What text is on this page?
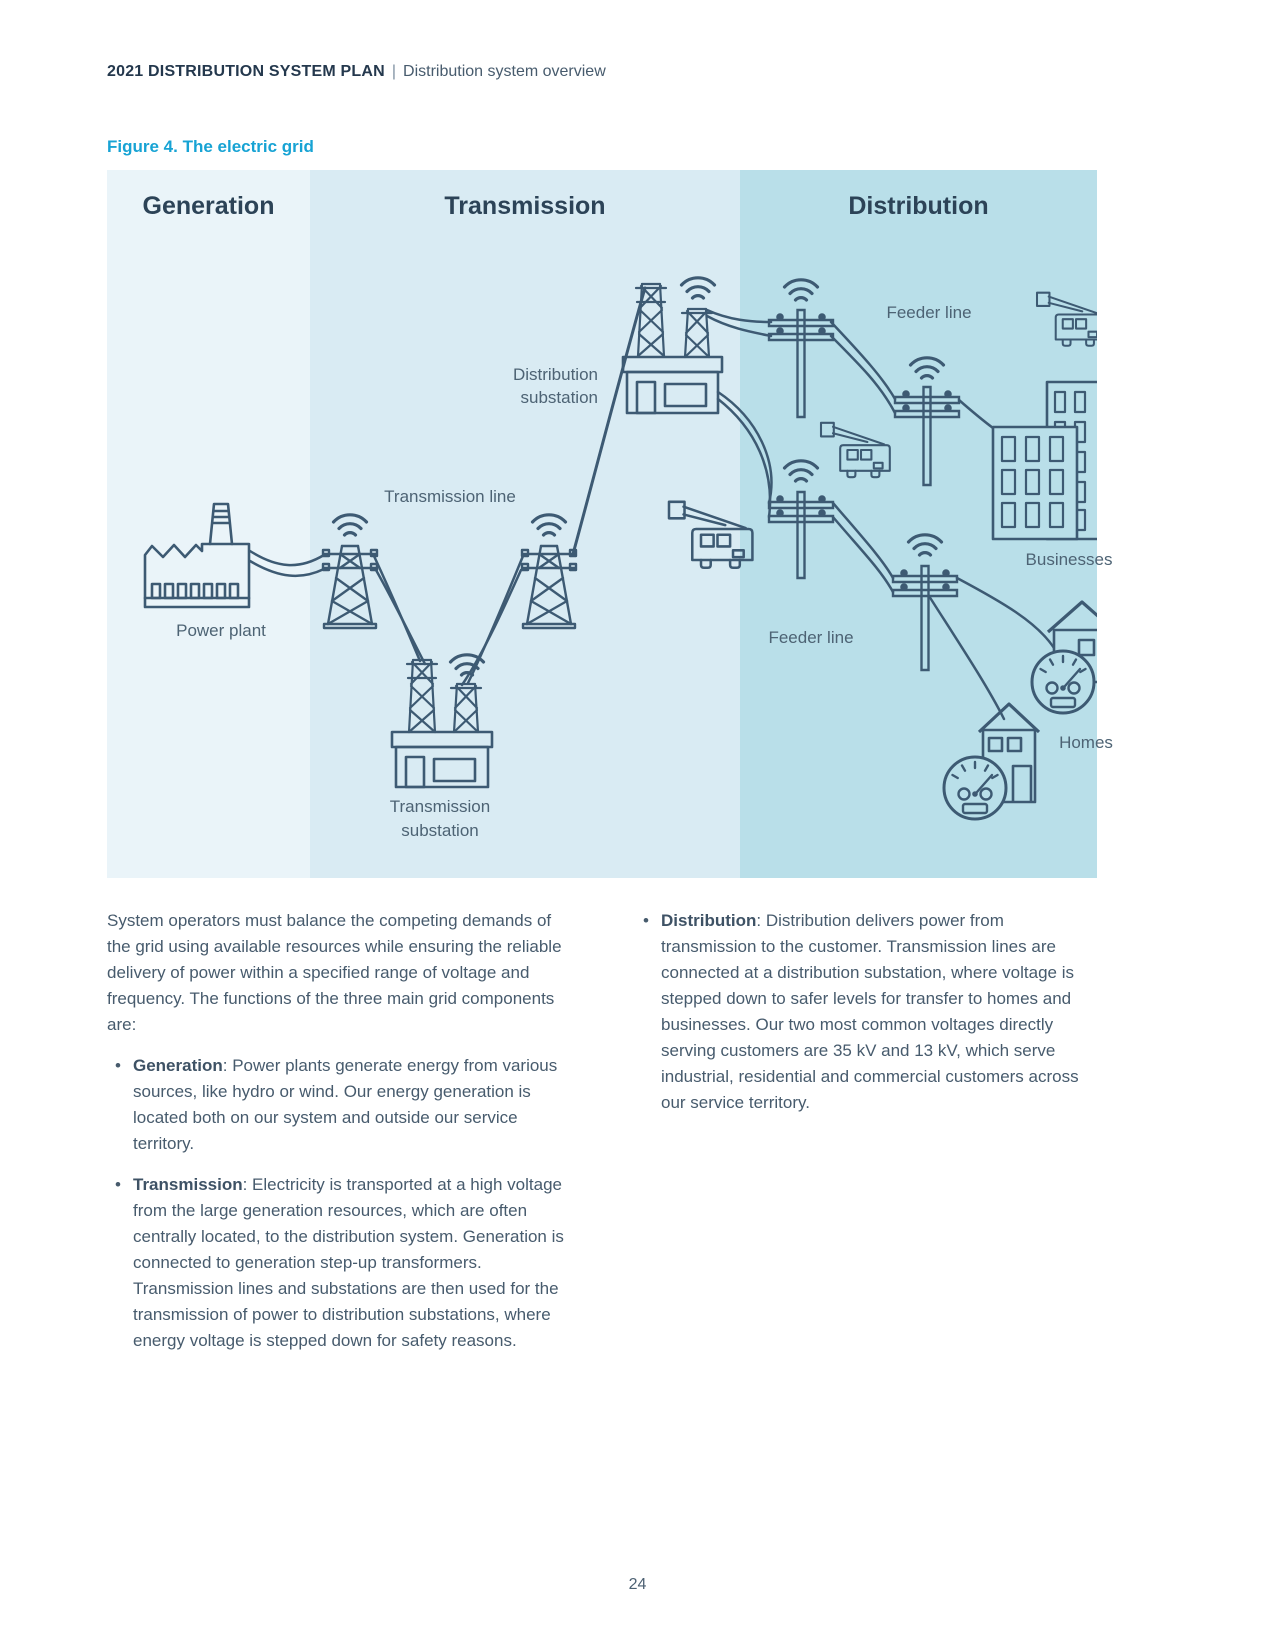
2021 DISTRIBUTION SYSTEM PLAN | Distribution system overview
Figure 4. The electric grid
Generation	Transmission	Distribution
Power plant
Transmission line
Distribution
substation
Transmission
substation
Feeder line
Feeder line
Businesses
Homes
System operators must balance the competing demands of the grid using available resources while ensuring the reliable delivery of power within a specified range of voltage and frequency. The functions of the three main grid components are:
• Generation: Power plants generate energy from various sources, like hydro or wind. Our energy generation is located both on our system and outside our service territory.
• Transmission: Electricity is transported at a high voltage from the large generation resources, which are often centrally located, to the distribution system. Generation is connected to generation step-up transformers. Transmission lines and substations are then used for the transmission of power to distribution substations, where energy voltage is stepped down for safety reasons.
• Distribution: Distribution delivers power from transmission to the customer. Transmission lines are connected at a distribution substation, where voltage is stepped down to safer levels for transfer to homes and businesses. Our two most common voltages directly serving customers are 35 kV and 13 kV, which serve industrial, residential and commercial customers across our service territory.
24
